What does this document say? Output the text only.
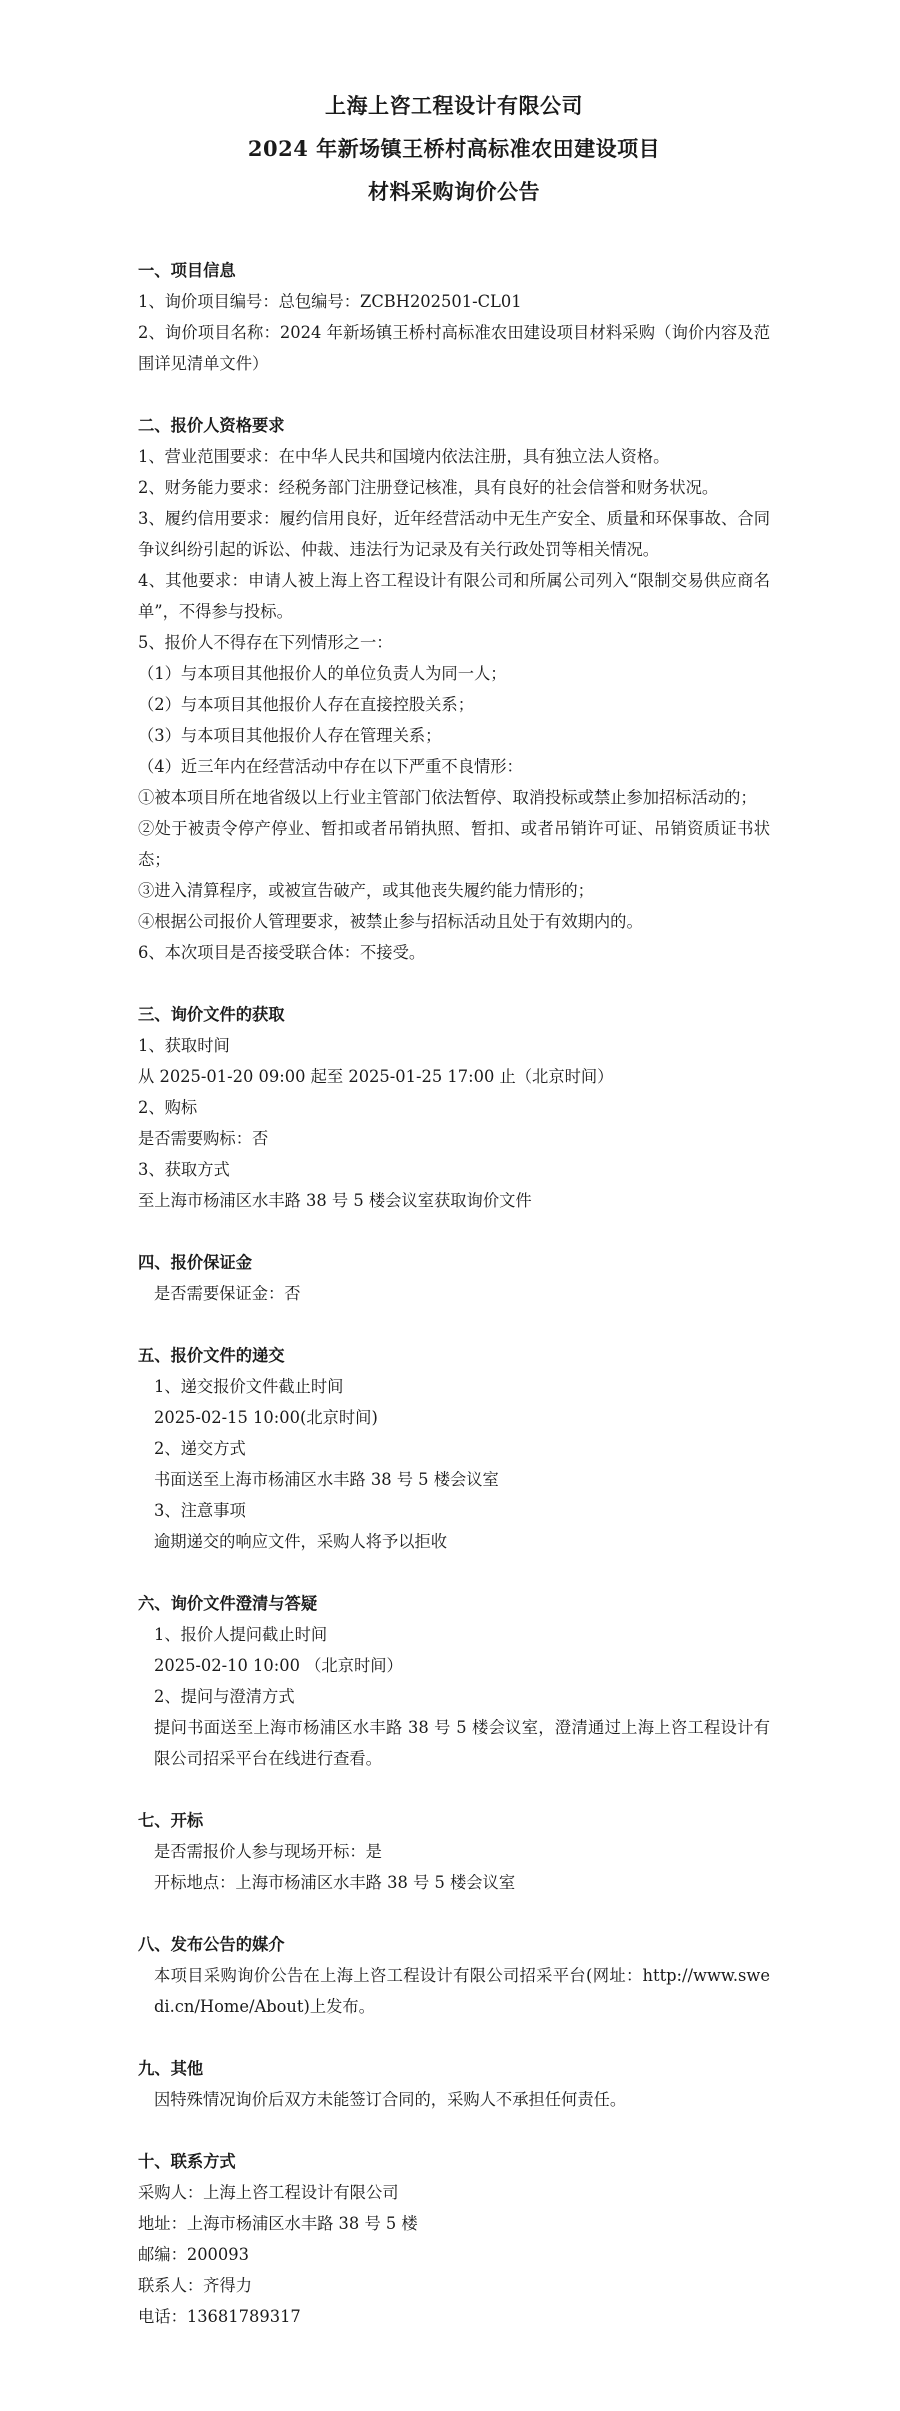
上海上咨工程设计有限公司
2024 年新场镇王桥村高标准农田建设项目
材料采购询价公告
一、项目信息
1、询价项目编号：总包编号：ZCBH202501-CL01
2、询价项目名称：2024 年新场镇王桥村高标准农田建设项目材料采购（询价内容及范围详见清单文件）
二、报价人资格要求
1、营业范围要求：在中华人民共和国境内依法注册，具有独立法人资格。
2、财务能力要求：经税务部门注册登记核准，具有良好的社会信誉和财务状况。
3、履约信用要求：履约信用良好，近年经营活动中无生产安全、质量和环保事故、合同争议纠纷引起的诉讼、仲裁、违法行为记录及有关行政处罚等相关情况。
4、其他要求：申请人被上海上咨工程设计有限公司和所属公司列入“限制交易供应商名单”，不得参与投标。
5、报价人不得存在下列情形之一：
（1）与本项目其他报价人的单位负责人为同一人；
（2）与本项目其他报价人存在直接控股关系；
（3）与本项目其他报价人存在管理关系；
（4）近三年内在经营活动中存在以下严重不良情形：
①被本项目所在地省级以上行业主管部门依法暂停、取消投标或禁止参加招标活动的；
②处于被责令停产停业、暂扣或者吊销执照、暂扣、或者吊销许可证、吊销资质证书状态；
③进入清算程序，或被宣告破产，或其他丧失履约能力情形的；
④根据公司报价人管理要求，被禁止参与招标活动且处于有效期内的。
6、本次项目是否接受联合体：不接受。
三、询价文件的获取
1、获取时间
从 2025-01-20 09:00 起至 2025-01-25 17:00 止（北京时间）
2、购标
是否需要购标：否
3、获取方式
至上海市杨浦区水丰路 38 号 5 楼会议室获取询价文件
四、报价保证金
是否需要保证金：否
五、报价文件的递交
1、递交报价文件截止时间
2025-02-15 10:00(北京时间)
2、递交方式
书面送至上海市杨浦区水丰路 38 号 5 楼会议室
3、注意事项
逾期递交的响应文件，采购人将予以拒收
六、询价文件澄清与答疑
1、报价人提问截止时间
2025-02-10 10:00 （北京时间）
2、提问与澄清方式
提问书面送至上海市杨浦区水丰路 38 号 5 楼会议室，澄清通过上海上咨工程设计有限公司招采平台在线进行查看。
七、开标
是否需报价人参与现场开标：是
开标地点：上海市杨浦区水丰路 38 号 5 楼会议室
八、发布公告的媒介
本项目采购询价公告在上海上咨工程设计有限公司招采平台(网址：http://www.swedi.cn/Home/About)上发布。
九、其他
因特殊情况询价后双方未能签订合同的，采购人不承担任何责任。
十、联系方式
采购人：上海上咨工程设计有限公司
地址：上海市杨浦区水丰路 38 号 5 楼
邮编：200093
联系人：齐得力
电话：13681789317
